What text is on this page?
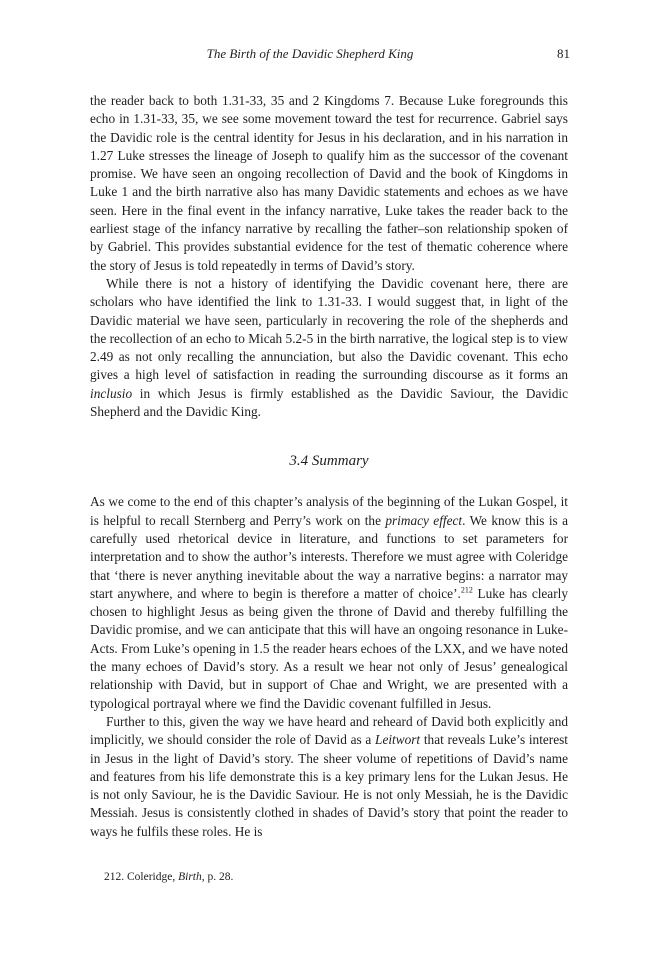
The Birth of the Davidic Shepherd King	81

the reader back to both 1.31-33, 35 and 2 Kingdoms 7. Because Luke foregrounds this echo in 1.31-33, 35, we see some movement toward the test for recurrence. Gabriel says the Davidic role is the central identity for Jesus in his declaration, and in his narration in 1.27 Luke stresses the lineage of Joseph to qualify him as the successor of the covenant promise. We have seen an ongoing recollection of David and the book of Kingdoms in Luke 1 and the birth narrative also has many Davidic statements and echoes as we have seen. Here in the final event in the infancy narrative, Luke takes the reader back to the earliest stage of the infancy narrative by recalling the father–son relationship spoken of by Gabriel. This provides substantial evidence for the test of thematic coherence where the story of Jesus is told repeatedly in terms of David’s story.

While there is not a history of identifying the Davidic covenant here, there are scholars who have identified the link to 1.31-33. I would suggest that, in light of the Davidic material we have seen, particularly in recovering the role of the shepherds and the recollection of an echo to Micah 5.2-5 in the birth narrative, the logical step is to view 2.49 as not only recalling the annunciation, but also the Davidic covenant. This echo gives a high level of satisfaction in reading the surrounding discourse as it forms an inclusio in which Jesus is firmly established as the Davidic Saviour, the Davidic Shepherd and the Davidic King.

3.4 Summary

As we come to the end of this chapter’s analysis of the beginning of the Lukan Gospel, it is helpful to recall Sternberg and Perry’s work on the primacy effect. We know this is a carefully used rhetorical device in literature, and functions to set parameters for interpretation and to show the author’s interests. Therefore we must agree with Coleridge that ‘there is never anything inevitable about the way a narrative begins: a narrator may start anywhere, and where to begin is therefore a matter of choice’.$^{212}$ Luke has clearly chosen to highlight Jesus as being given the throne of David and thereby fulfilling the Davidic promise, and we can anticipate that this will have an ongoing resonance in Luke-Acts. From Luke’s opening in 1.5 the reader hears echoes of the LXX, and we have noted the many echoes of David’s story. As a result we hear not only of Jesus’ genealogical relationship with David, but in support of Chae and Wright, we are presented with a typological portrayal where we find the Davidic covenant fulfilled in Jesus.

Further to this, given the way we have heard and reheard of David both explicitly and implicitly, we should consider the role of David as a Leitwort that reveals Luke’s interest in Jesus in the light of David’s story. The sheer volume of repetitions of David’s name and features from his life demonstrate this is a key primary lens for the Lukan Jesus. He is not only Saviour, he is the Davidic Saviour. He is not only Messiah, he is the Davidic Messiah. Jesus is consistently clothed in shades of David’s story that point the reader to ways he fulfils these roles. He is

212. Coleridge, Birth, p. 28.
